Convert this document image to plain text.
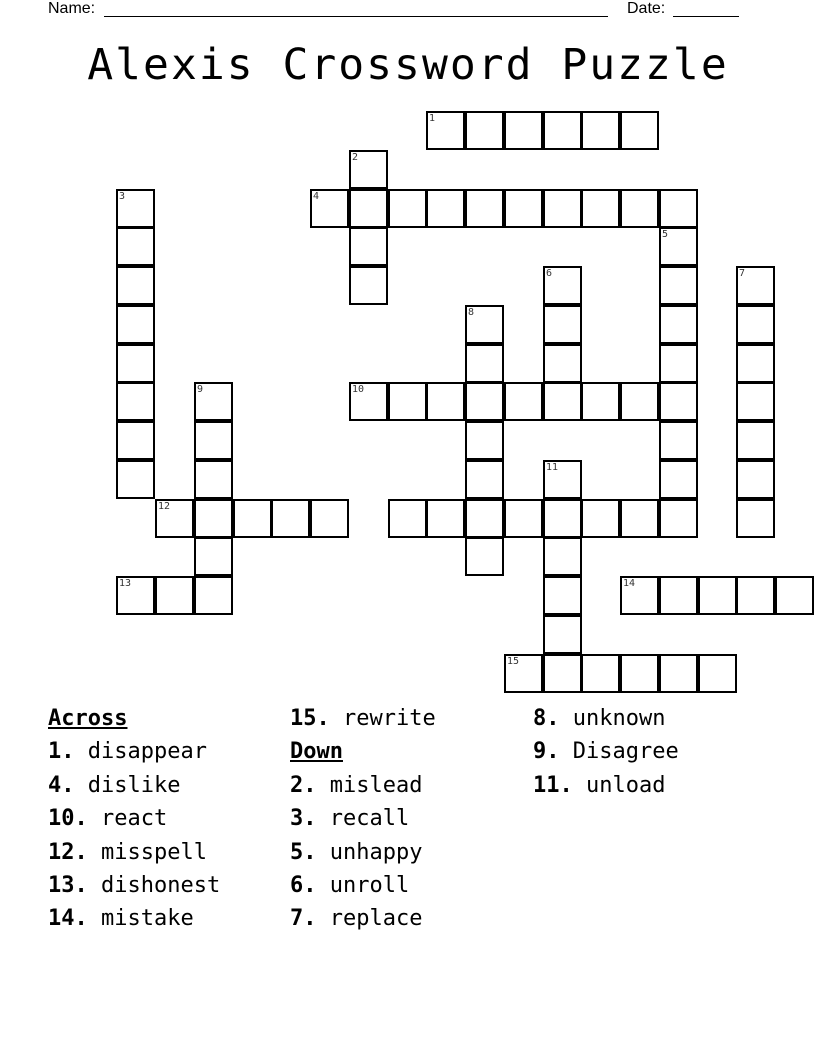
Name:	Date:
Alexis Crossword Puzzle
1
2
4
3
5
6	7
8
9	10
11
12
13	14
15
Across
1. disappear
4. dislike
10. react
12. misspell
13. dishonest
14. mistake
15. rewrite
Down
2. mislead
3. recall
5. unhappy
6. unroll
7. replace
8. unknown
9. Disagree
11. unload
